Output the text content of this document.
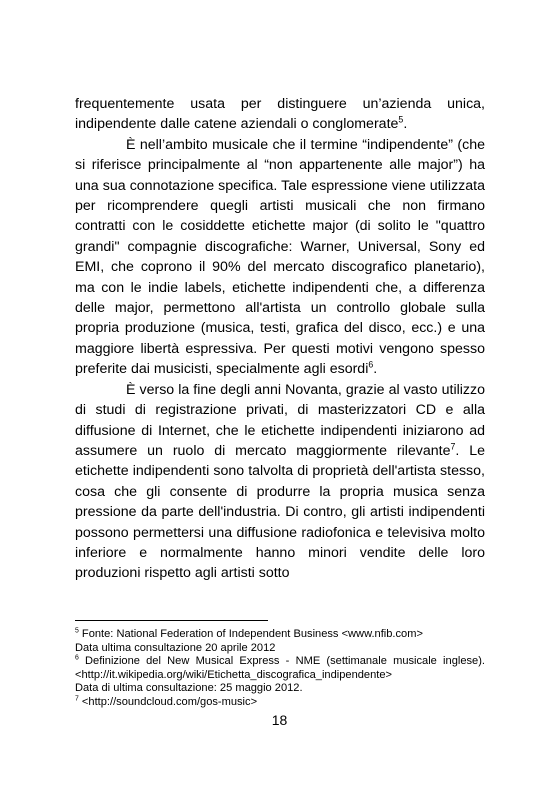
frequentemente usata per distinguere un’azienda unica, indipendente dalle catene aziendali o conglomerate$^5$.

È nell’ambito musicale che il termine “indipendente” (che si riferisce principalmente al “non appartenente alle major”) ha una sua connotazione specifica. Tale espressione viene utilizzata per ricomprendere quegli artisti musicali che non firmano contratti con le cosiddette etichette major (di solito le "quattro grandi" compagnie discografiche: Warner, Universal, Sony ed EMI, che coprono il 90% del mercato discografico planetario), ma con le indie labels, etichette indipendenti che, a differenza delle major, permettono all'artista un controllo globale sulla propria produzione (musica, testi, grafica del disco, ecc.) e una maggiore libertà espressiva. Per questi motivi vengono spesso preferite dai musicisti, specialmente agli esordi$^6$.

È verso la fine degli anni Novanta, grazie al vasto utilizzo di studi di registrazione privati, di masterizzatori CD e alla diffusione di Internet, che le etichette indipendenti iniziarono ad assumere un ruolo di mercato maggiormente rilevante$^7$. Le etichette indipendenti sono talvolta di proprietà dell'artista stesso, cosa che gli consente di produrre la propria musica senza pressione da parte dell'industria. Di contro, gli artisti indipendenti possono permettersi una diffusione radiofonica e televisiva molto inferiore e normalmente hanno minori vendite delle loro produzioni rispetto agli artisti sotto

$^5$ Fonte: National Federation of Independent Business <www.nfib.com>
Data ultima consultazione 20 aprile 2012

$^6$ Definizione del New Musical Express - NME (settimanale musicale inglese). <http://it.wikipedia.org/wiki/Etichetta_discografica_indipendente>
Data di ultima consultazione: 25 maggio 2012.

$^7$ <http://soundcloud.com/gos-music>

18
